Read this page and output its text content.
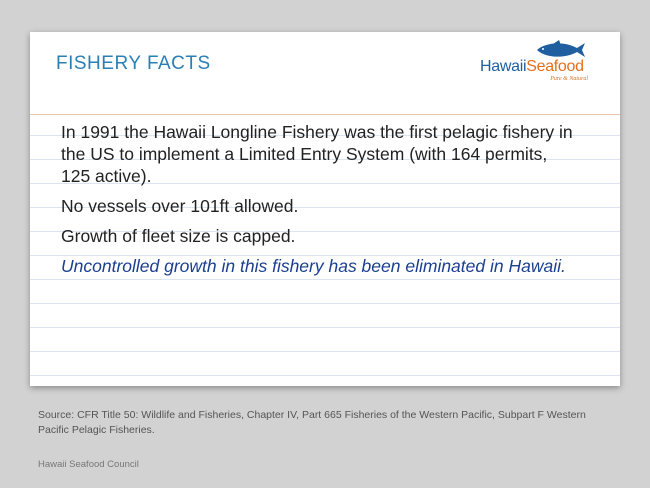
FISHERY FACTS	HawaiiSeafood
Pure & Natural

In 1991 the Hawaii Longline Fishery was the first pelagic fishery in the US to implement a Limited Entry System (with 164 permits, 125 active).

No vessels over 101ft allowed.

Growth of fleet size is capped.

Uncontrolled growth in this fishery has been eliminated in Hawaii.

Source: CFR Title 50: Wildlife and Fisheries, Chapter IV, Part 665 Fisheries of the Western Pacific, Subpart F Western Pacific Pelagic Fisheries.
Hawaii Seafood Council
